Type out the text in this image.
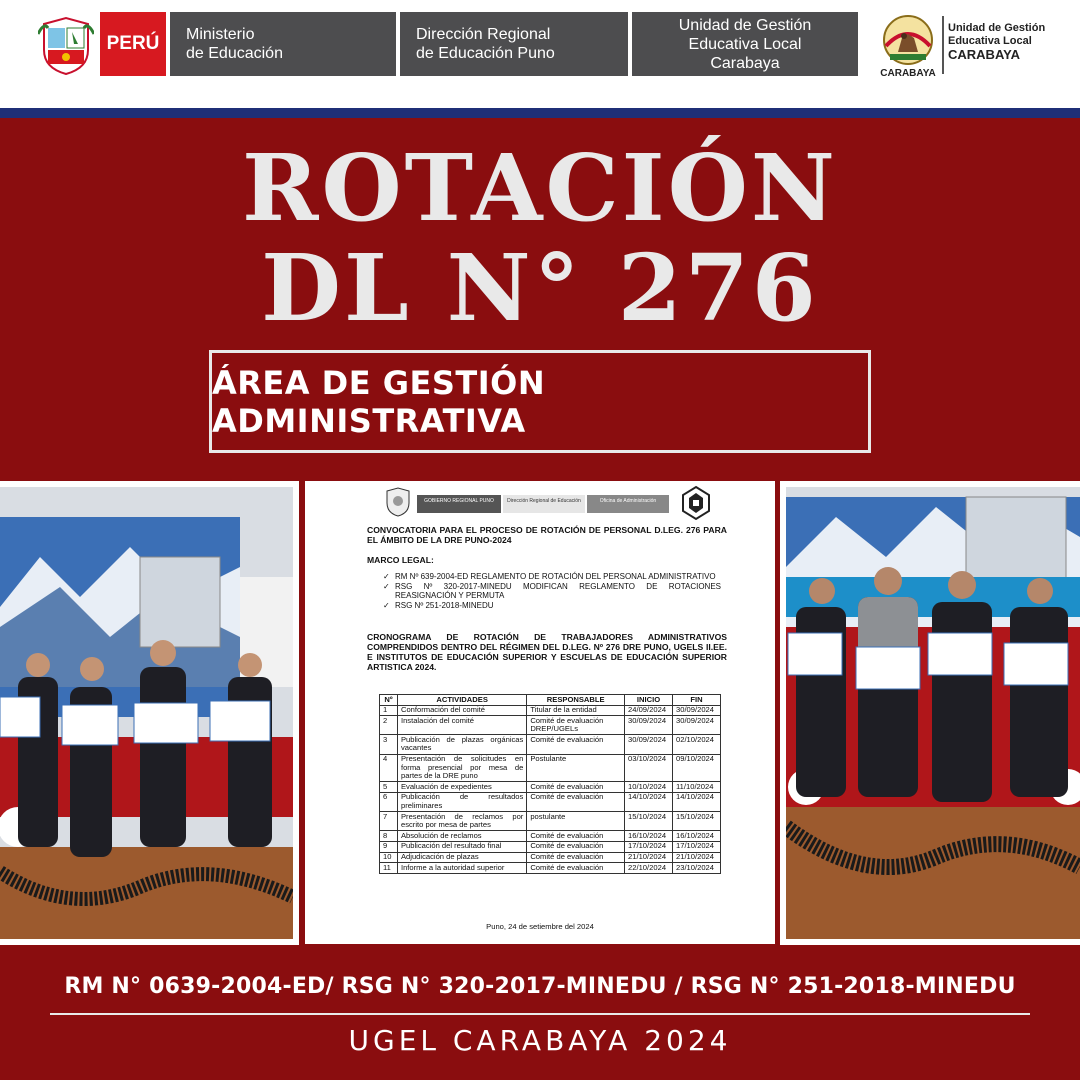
PERÚ	Ministerio
de Educación
Dirección Regional
de Educación Puno
Unidad de Gestión
Educativa Local
Carabaya
CARABAYA
Unidad de Gestión
Educativa Local
CARABAYA
ROTACIÓN
DL N° 276
ÁREA DE GESTIÓN ADMINISTRATIVA
GOBIERNO REGIONAL PUNO	Dirección Regional de Educación	Oficina de Administración
CONVOCATORIA PARA EL PROCESO DE ROTACIÓN DE PERSONAL D.LEG. 276 PARA EL ÁMBITO DE LA DRE PUNO-2024
MARCO LEGAL:
✓ RM Nº 639-2004-ED REGLAMENTO DE ROTACIÓN DEL PERSONAL ADMINISTRATIVO
✓ RSG Nº 320-2017-MINEDU MODIFICAN REGLAMENTO DE ROTACIONES REASIGNACIÓN Y PERMUTA
✓ RSG Nº 251-2018-MINEDU
CRONOGRAMA DE ROTACIÓN DE TRABAJADORES ADMINISTRATIVOS COMPRENDIDOS DENTRO DEL RÉGIMEN DEL D.LEG. Nº 276 DRE PUNO, UGELS II.EE. E INSTITUTOS DE EDUCACIÓN SUPERIOR Y ESCUELAS DE EDUCACIÓN SUPERIOR ARTISTICA 2024.
Nº	ACTIVIDADES	RESPONSABLE	INICIO	FIN
1	Conformación del comité	Titular de la entidad	24/09/2024	30/09/2024
2	Instalación del comité	Comité de evaluación DREP/UGELs	30/09/2024	30/09/2024
3	Publicación de plazas orgánicas vacantes	Comité de evaluación	30/09/2024	02/10/2024
4	Presentación de solicitudes en forma presencial por mesa de partes de la DRE puno	Postulante	03/10/2024	09/10/2024
5	Evaluación de expedientes	Comité de evaluación	10/10/2024	11/10/2024
6	Publicación de resultados preliminares	Comité de evaluación	14/10/2024	14/10/2024
7	Presentación de reclamos por escrito por mesa de partes	postulante	15/10/2024	15/10/2024
8	Absolución de reclamos	Comité de evaluación	16/10/2024	16/10/2024
9	Publicación del resultado final	Comité de evaluación	17/10/2024	17/10/2024
10	Adjudicación de plazas	Comité de evaluación	21/10/2024	21/10/2024
11	Informe a la autoridad superior	Comité de evaluación	22/10/2024	23/10/2024
Puno, 24 de setiembre del 2024
RM N° 0639-2004-ED/ RSG N° 320-2017-MINEDU / RSG N° 251-2018-MINEDU
UGEL CARABAYA 2024
